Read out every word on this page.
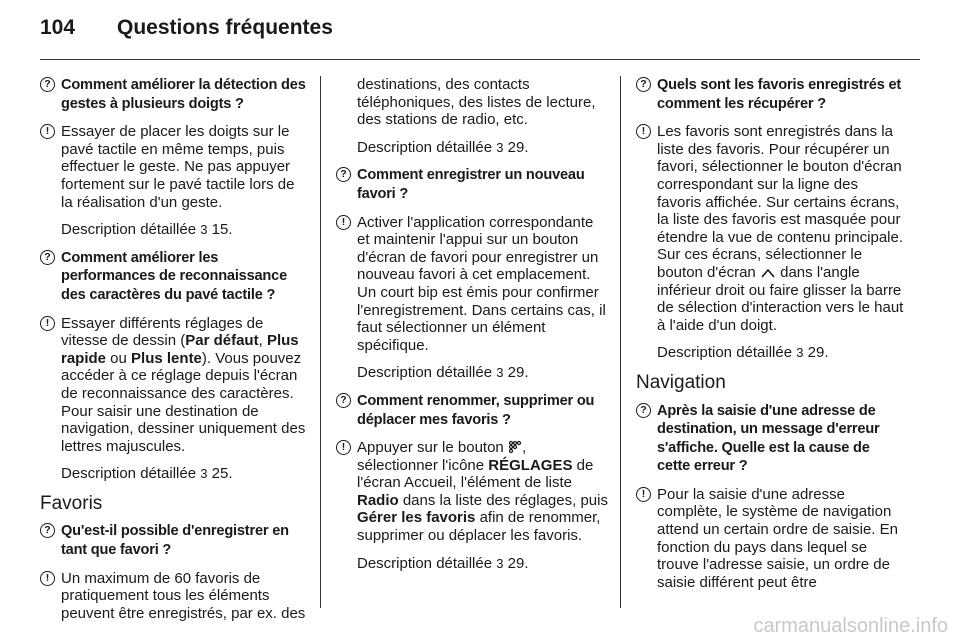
104 Questions fréquentes
? Comment améliorer la détection des gestes à plusieurs doigts ?
! Essayer de placer les doigts sur le pavé tactile en même temps, puis effectuer le geste. Ne pas appuyer fortement sur le pavé tactile lors de la réalisation d'un geste.
Description détaillée 3 15.
? Comment améliorer les performances de reconnaissance des caractères du pavé tactile ?
! Essayer différents réglages de vitesse de dessin (Par défaut, Plus rapide ou Plus lente). Vous pouvez accéder à ce réglage depuis l'écran de reconnaissance des caractères. Pour saisir une destination de navigation, dessiner uniquement des lettres majuscules.
Description détaillée 3 25.
Favoris
? Qu'est-il possible d'enregistrer en tant que favori ?
! Un maximum de 60 favoris de pratiquement tous les éléments peuvent être enregistrés, par ex. des
destinations, des contacts téléphoniques, des listes de lecture, des stations de radio, etc.
Description détaillée 3 29.
? Comment enregistrer un nouveau favori ?
! Activer l'application correspondante et maintenir l'appui sur un bouton d'écran de favori pour enregistrer un nouveau favori à cet emplacement. Un court bip est émis pour confirmer l'enregistrement. Dans certains cas, il faut sélectionner un élément spécifique.
Description détaillée 3 29.
? Comment renommer, supprimer ou déplacer mes favoris ?
! Appuyer sur le bouton , sélectionner l'icône RÉGLAGES de l'écran Accueil, l'élément de liste Radio dans la liste des réglages, puis Gérer les favoris afin de renommer, supprimer ou déplacer les favoris.
Description détaillée 3 29.
? Quels sont les favoris enregistrés et comment les récupérer ?
! Les favoris sont enregistrés dans la liste des favoris. Pour récupérer un favori, sélectionner le bouton d'écran correspondant sur la ligne des favoris affichée. Sur certains écrans, la liste des favoris est masquée pour étendre la vue de contenu principale. Sur ces écrans, sélectionner le bouton d'écran  dans l'angle inférieur droit ou faire glisser la barre de sélection d'interaction vers le haut à l'aide d'un doigt.
Description détaillée 3 29.
Navigation
? Après la saisie d'une adresse de destination, un message d'erreur s'affiche. Quelle est la cause de cette erreur ?
! Pour la saisie d'une adresse complète, le système de navigation attend un certain ordre de saisie. En fonction du pays dans lequel se trouve l'adresse saisie, un ordre de saisie différent peut être
carmanualsonline.info
